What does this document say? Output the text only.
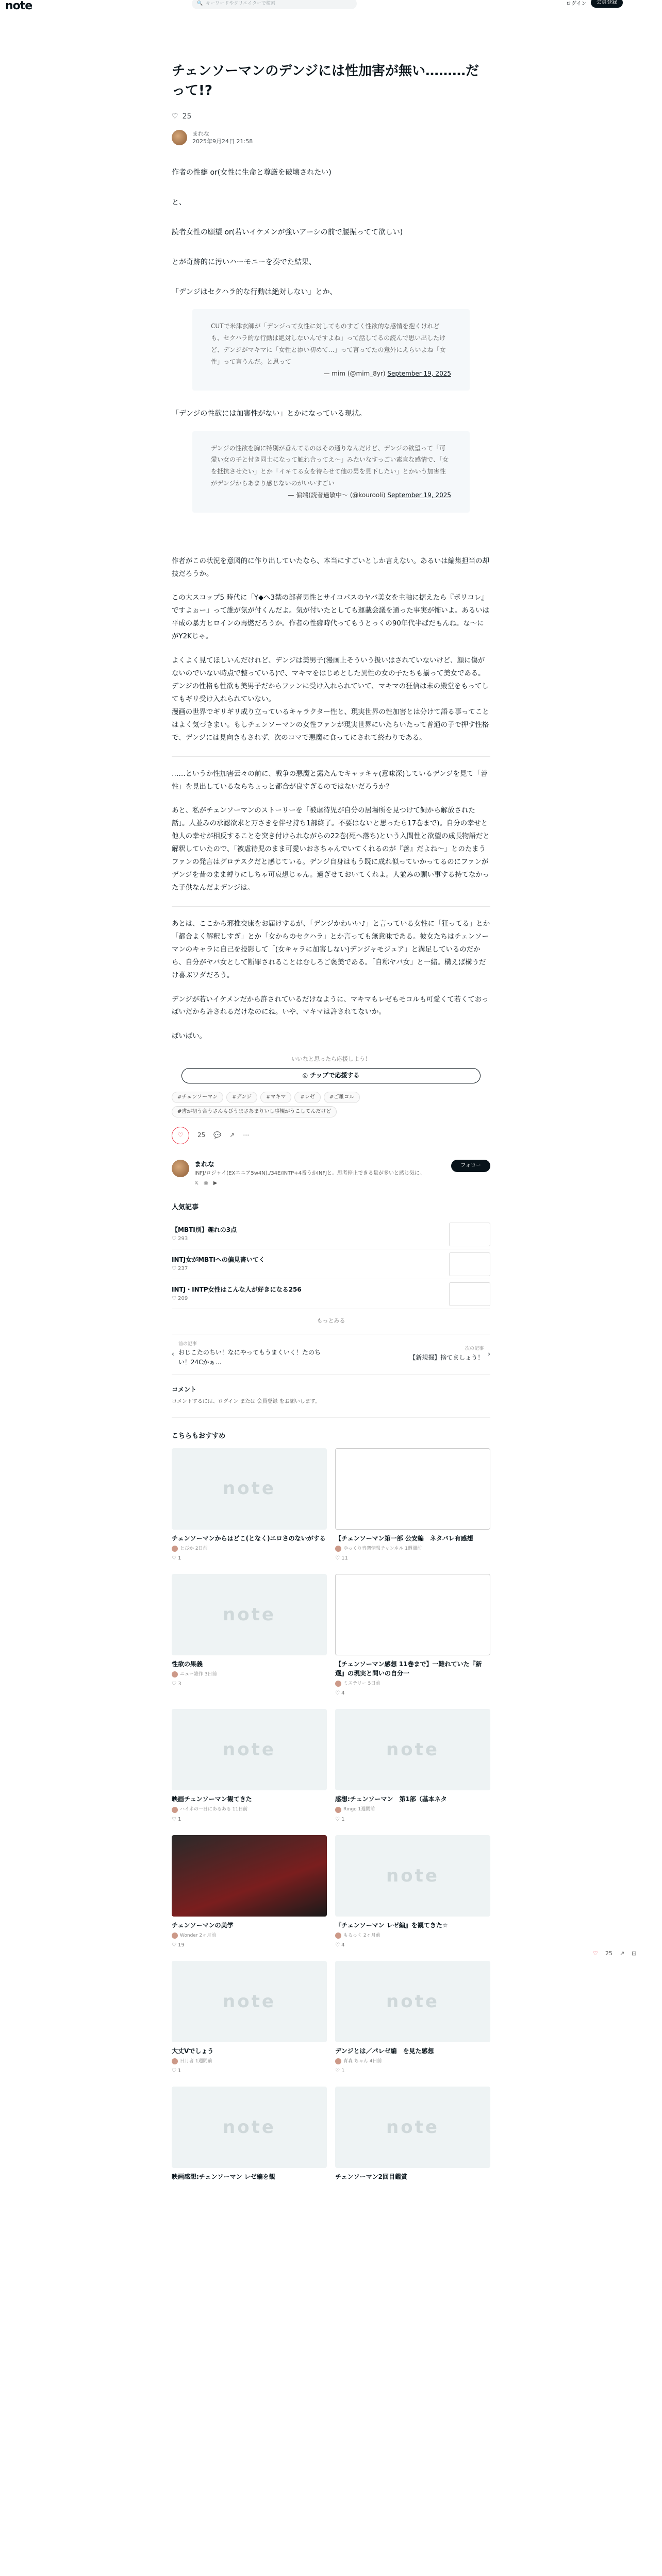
note	🔍 キーワードやクリエイターで検索	ログイン	会員登録
チェンソーマンのデンジには性加害が無い………だって!?
♡ 25
まれな
2025年9月24日 21:58

作者の性癖 or(女性に生命と尊厳を破壊されたい)

と、

読者女性の願望 or(若いイケメンが強いアーシの前で腰振ってて欲しい)

とが奇跡的に汚いハーモニーを奏でた結果、

「デンジはセクハラ的な行動は絶対しない」とか、

CUTで米津玄師が「デンジって女性に対してものすごく性欲的な感情を抱くけれども、セクハラ的な行動は絶対しないんですよね」って話してるの読んで思い出したけど、デンジがマキマに「女性と添い初めて…」って言ってたの意外にえらいよね「女性」って言うんだ。と思って
— mim (@mim_8yr) September 19, 2025

「デンジの性欲には加害性がない」とかになっている現状。

デンジの性欲を胸に特別が垂んてるのはその通りなんだけど、デンジの欲望って「可愛い女の子と付き同士になって触れ合ってえ～」みたいなすっごい素直な感情で、「女を抵抗させたい」とか「イキてる女を待らせて他の男を見下したい」とかいう加害性がデンジからあまり感じないのがいいすごい
— 偏端(読者過敏中～ (@kourooli) September 19, 2025

作者がこの状況を意図的に作り出していたなら、本当にすごいとしか言えない。あるいは編集担当の却技だろうか。

この大スコップ5 時代に「Y◆へ3禁の部者男性とサイコパスのヤバ美女を主軸に据えたら『ポリコレ』ですよぉー」って誰が気が付くんだよ。気が付いたとしても運載会議を通った事実が怖いよ。あるいは平成の暴力ヒロインの再燃だろうか。作者の性癖時代ってもうとっくの90年代半ばだもんね。な～にがY2Kじゃ。

よくよく見てほしいんだけれど、デンジは美男子(漫画上そういう扱いはされていないけど、顔に傷がないのでいない時点で整っている)で、マキマをはじめとした異性の女の子たちも揃って美女である。デンジの性格も性欲も美男子だからファンに受け入れられていて、マキマの狂信は未の殿堂をもってしてもギリ受け入れられていない。
漫画の世界でギリギリ成り立っているキャラクター性と、現実世界の性加害とは分けて語る事ってことはよく気づきまい。もしチェンソーマンの女性ファンが現実世界にいたらいたって普通の子で押す性格で、デンジには見向きもされず、次のコマで悪魔に食ってにされて終わりである。

……というか性加害云々の前に、戦争の悪魔と露たんでキャッキャ(意味深)しているデンジを見て「善性」を見出しているならちょっと都合が良すぎるのではないだろうか？

あと、私がチェンソーマンのストーリーを「被虐待児が自分の居場所を見つけて飼から解放された話」。人並みの承認欲求と万さきを伴せ持ち1部終了。不要はないと思ったら17巻まで)。自分の幸せと他人の幸せが相反することを突き付けられながらの22巻(死へ落ち)という入間性と欲望の成長物語だと解釈していたので、「被虐待児のまま可愛いおさちゃんでいてくれるのが『善』だよね～」とのたまうファンの発言はグロテスクだと感じている。デンジ自身はもう既に成れ似っていかってるのにファンがデンジを昔のまま縛りにしちゃ可哀想じゃん。過ぎせておいてくれよ。人並みの願い事する持てなかった子供なんだよデンジは。

あとは、ここから邪推交康をお届けするが、「デンジかわいい♪」と言っている女性に「狂ってる」とか「都合よく解釈しすぎ」とか「女からのセクハラ」とか言っても無意味である。彼女たちはチェンソーマンのキャラに自己を投影して「(女キャラに加害しない)デンジャモジュア」と溝足しているのだから、自分がヤバ女として断罪されることはむしろご褒美である。「自称ヤバ女」と一緒。構えば構うだけ喜ぶワダだろう。

デンジが若いイケメンだから許されているだけなように、マキマもレゼもモコルも可愛くて若くておっぱいだから許されるだけなのにね。いや、マキマは許されてないか。

ばいばい。

いいなと思ったら応援しよう！
◎ チップで応援する
#チェンソーマン	#デンジ	#マキマ	#レゼ	#ご雑コル
#書が初う合うさんもびうまさあまりいし事規がうこしてんだけど
♡ 25 💬 ↗ ⋯
まれな
INFJ/ロジャイ(EXエニア5w4N)./34E/INTP+4番うかINFJと。思考停止できる量が多いと感じ気に。
𝕏 ◎ ▶
フォロー
人気記事
【MBTI別】趣れの3点
♡ 293
INTJ女がMBTIへの偏見書いてく
♡ 237
INTJ・INTP女性はこんな人が好きになる256
♡ 209
もっとみる
‹
前の記事
おじこたのちい！なにやってもうまくいく！たのちい！24Cかぁ…
次の記事
【新規掘】捨てましょう！
›
コメント
コメントするには、ログイン または 会員登録 をお願いします。
こちらもおすすめ
note
チェンソーマンからはどこ(となく)エロさのないがする
とぴか 2日前
♡ 1
【チェンソーマン第一部 公安編　ネタバレ有感想
ゆっくり音楽情報チャンネル 1週間前
♡ 11
note
性欲の果義
ニュー雑作 3日前
♡ 3
【チェンソーマン感想 11巻まで】一難れていた『新選』の現実と問いの自分一
ミステリー 5日前
♡ 4
note
映画チェンソーマン観てきた
ハイネの一日にあるある 11日前
♡ 1
note
感想:チェンソーマン　第1部（基本ネタ
Ringo 1週間前
♡ 1
チェンソーマンの美学
Wonder 2ヶ月前
♡ 19
note
『チェンソーマン レゼ編』を観てきた☆
もるっく 2ヶ月前
♡ 4
note
大丈Vでしょう
日月者 1週間前
♡ 1
note
デンジとは／パレゼ編　を見た感想
青森 ちゃん 4日前
♡ 1
note
映画感想:チェンソーマン レゼ編を観
note
チェンソーマン2回目鑑賞
♡ 25 ↗ ⊡
